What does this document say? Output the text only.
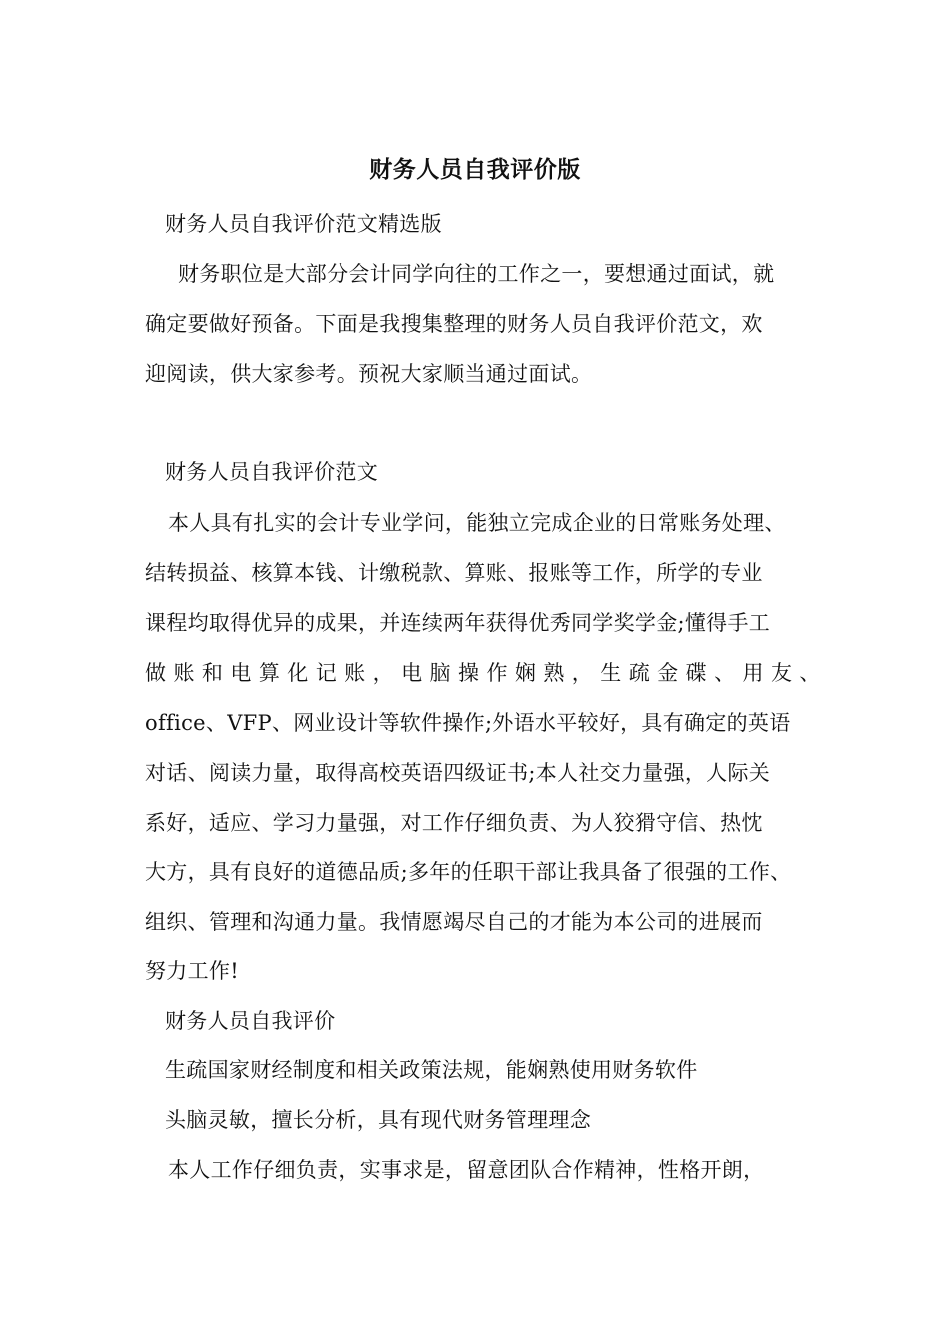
财务人员自我评价版
财务人员自我评价范文精选版
财务职位是大部分会计同学向往的工作之一，要想通过面试，就
确定要做好预备。下面是我搜集整理的财务人员自我评价范文，欢
迎阅读，供大家参考。预祝大家顺当通过面试。
财务人员自我评价范文
本人具有扎实的会计专业学问，能独立完成企业的日常账务处理、
结转损益、核算本钱、计缴税款、算账、报账等工作，所学的专业
课程均取得优异的成果，并连续两年获得优秀同学奖学金;懂得手工
做 账 和 电 算 化 记 账 ， 电 脑 操 作 娴 熟 ， 生 疏 金 碟 、 用 友 、
office、VFP、网业设计等软件操作;外语水平较好，具有确定的英语
对话、阅读力量，取得高校英语四级证书;本人社交力量强，人际关
系好，适应、学习力量强，对工作仔细负责、为人狡猾守信、热忱
大方，具有良好的道德品质;多年的任职干部让我具备了很强的工作、
组织、管理和沟通力量。我情愿竭尽自己的才能为本公司的进展而
努力工作!
财务人员自我评价
生疏国家财经制度和相关政策法规，能娴熟使用财务软件
头脑灵敏，擅长分析，具有现代财务管理理念
本人工作仔细负责，实事求是，留意团队合作精神，性格开朗，
